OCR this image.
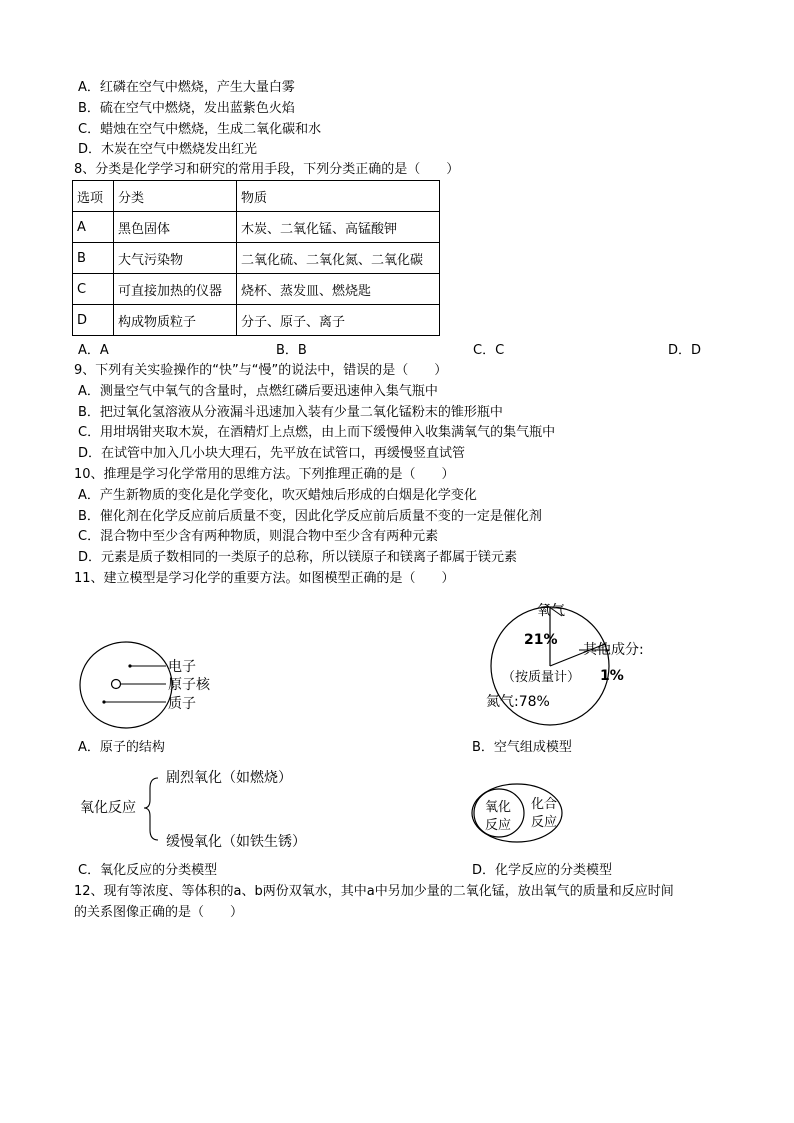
A．红磷在空气中燃烧，产生大量白雾
B．硫在空气中燃烧，发出蓝紫色火焰
C．蜡烛在空气中燃烧，生成二氧化碳和水
D．木炭在空气中燃烧发出红光
8、分类是化学学习和研究的常用手段，下列分类正确的是（　　）
选项	分类	物质
A	黑色固体	木炭、二氧化锰、高锰酸钾
B	大气污染物	二氧化硫、二氧化氮、二氧化碳
C	可直接加热的仪器	烧杯、蒸发皿、燃烧匙
D	构成物质粒子	分子、原子、离子
A．A	B．B	C．C	D．D
9、下列有关实验操作的“快”与“慢”的说法中，错误的是（　　）
A．测量空气中氧气的含量时，点燃红磷后要迅速伸入集气瓶中
B．把过氧化氢溶液从分液漏斗迅速加入装有少量二氧化锰粉末的锥形瓶中
C．用坩埚钳夹取木炭，在酒精灯上点燃，由上而下缓慢伸入收集满氧气的集气瓶中
D．在试管中加入几小块大理石，先平放在试管口，再缓慢竖直试管
10、推理是学习化学常用的思维方法。下列推理正确的是（　　）
A．产生新物质的变化是化学变化，吹灭蜡烛后形成的白烟是化学变化
B．催化剂在化学反应前后质量不变，因此化学反应前后质量不变的一定是催化剂
C．混合物中至少含有两种物质，则混合物中至少含有两种元素
D．元素是质子数相同的一类原子的总称，所以镁原子和镁离子都属于镁元素
11、建立模型是学习化学的重要方法。如图模型正确的是（　　）
电子
原子核
质子
氧气
21%
其他成分:
1%
（按质量计）
氮气:78%
A．原子的结构	B．空气组成模型
氧化反应
剧烈氧化（如燃烧）
缓慢氧化（如铁生锈）
氧化
反应
化合
反应
C．氧化反应的分类模型	D．化学反应的分类模型
12、现有等浓度、等体积的a、b两份双氧水，其中a中另加少量的二氧化锰，放出氧气的质量和反应时间
的关系图像正确的是（　　）
